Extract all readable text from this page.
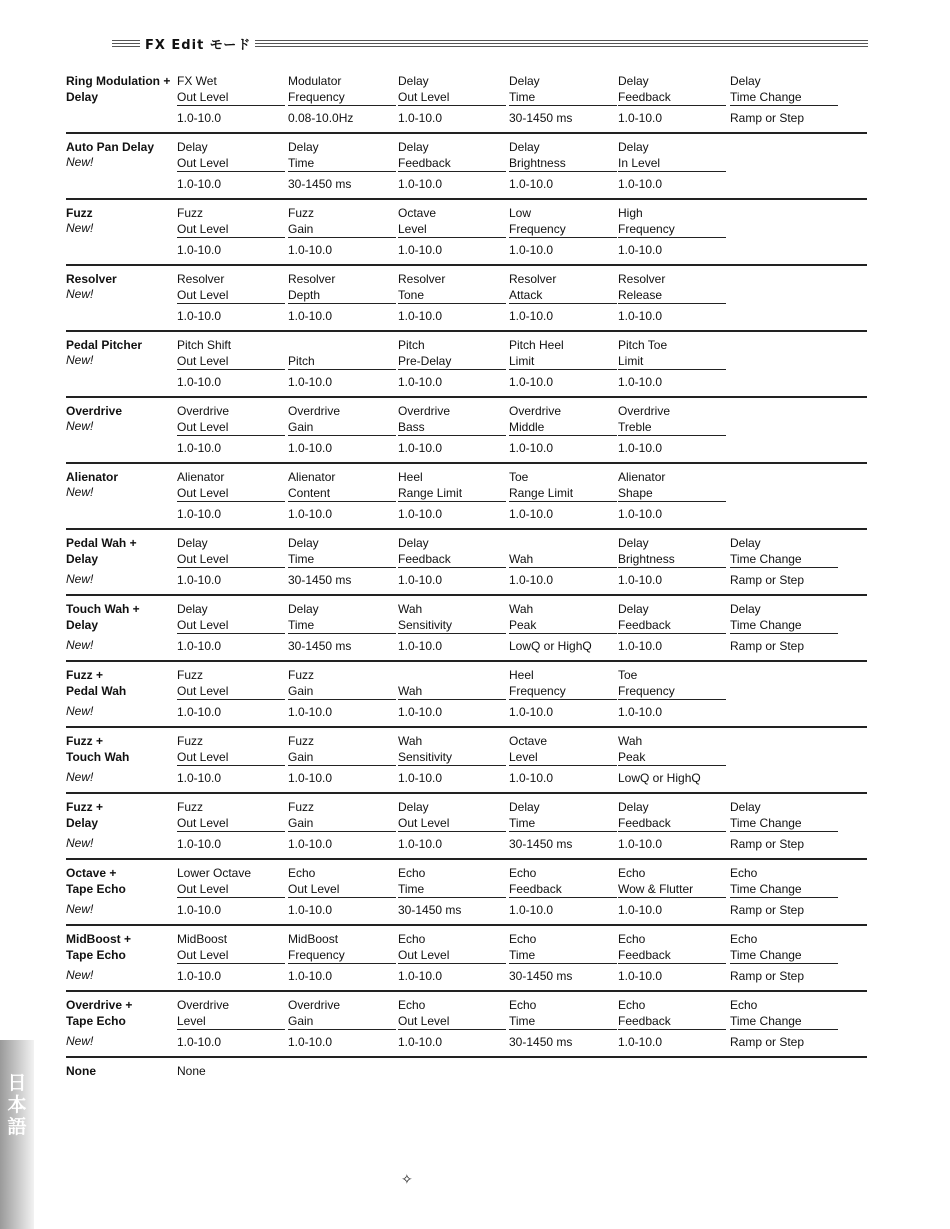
FX Edit モード
Ring Modulation +
Delay
FX Wet
Out Level
1.0-10.0
Modulator
Frequency
0.08-10.0Hz
Delay
Out Level
1.0-10.0
Delay
Time
30-1450 ms
Delay
Feedback
1.0-10.0
Delay
Time Change
Ramp or Step
Auto Pan Delay
New!
Delay
Out Level
1.0-10.0
Delay
Time
30-1450 ms
Delay
Feedback
1.0-10.0
Delay
Brightness
1.0-10.0
Delay
In Level
1.0-10.0
Fuzz
New!
Fuzz
Out Level
1.0-10.0
Fuzz
Gain
1.0-10.0
Octave
Level
1.0-10.0
Low
Frequency
1.0-10.0
High
Frequency
1.0-10.0
Resolver
New!
Resolver
Out Level
1.0-10.0
Resolver
Depth
1.0-10.0
Resolver
Tone
1.0-10.0
Resolver
Attack
1.0-10.0
Resolver
Release
1.0-10.0
Pedal Pitcher
New!
Pitch Shift
Out Level
1.0-10.0
Pitch
1.0-10.0
Pitch
Pre-Delay
1.0-10.0
Pitch Heel
Limit
1.0-10.0
Pitch Toe
Limit
1.0-10.0
Overdrive
New!
Overdrive
Out Level
1.0-10.0
Overdrive
Gain
1.0-10.0
Overdrive
Bass
1.0-10.0
Overdrive
Middle
1.0-10.0
Overdrive
Treble
1.0-10.0
Alienator
New!
Alienator
Out Level
1.0-10.0
Alienator
Content
1.0-10.0
Heel
Range Limit
1.0-10.0
Toe
Range Limit
1.0-10.0
Alienator
Shape
1.0-10.0
Pedal Wah +
Delay
New!
Delay
Out Level
1.0-10.0
Delay
Time
30-1450 ms
Delay
Feedback
1.0-10.0
Wah
1.0-10.0
Delay
Brightness
1.0-10.0
Delay
Time Change
Ramp or Step
Touch Wah +
Delay
New!
Delay
Out Level
1.0-10.0
Delay
Time
30-1450 ms
Wah
Sensitivity
1.0-10.0
Wah
Peak
LowQ or HighQ
Delay
Feedback
1.0-10.0
Delay
Time Change
Ramp or Step
Fuzz +
Pedal Wah
New!
Fuzz
Out Level
1.0-10.0
Fuzz
Gain
1.0-10.0
Wah
1.0-10.0
Heel
Frequency
1.0-10.0
Toe
Frequency
1.0-10.0
Fuzz +
Touch Wah
New!
Fuzz
Out Level
1.0-10.0
Fuzz
Gain
1.0-10.0
Wah
Sensitivity
1.0-10.0
Octave
Level
1.0-10.0
Wah
Peak
LowQ or HighQ
Fuzz +
Delay
New!
Fuzz
Out Level
1.0-10.0
Fuzz
Gain
1.0-10.0
Delay
Out Level
1.0-10.0
Delay
Time
30-1450 ms
Delay
Feedback
1.0-10.0
Delay
Time Change
Ramp or Step
Octave +
Tape Echo
New!
Lower Octave
Out Level
1.0-10.0
Echo
Out Level
1.0-10.0
Echo
Time
30-1450 ms
Echo
Feedback
1.0-10.0
Echo
Wow & Flutter
1.0-10.0
Echo
Time Change
Ramp or Step
MidBoost +
Tape Echo
New!
MidBoost
Out Level
1.0-10.0
MidBoost
Frequency
1.0-10.0
Echo
Out Level
1.0-10.0
Echo
Time
30-1450 ms
Echo
Feedback
1.0-10.0
Echo
Time Change
Ramp or Step
Overdrive +
Tape Echo
New!
Overdrive
Level
1.0-10.0
Overdrive
Gain
1.0-10.0
Echo
Out Level
1.0-10.0
Echo
Time
30-1450 ms
Echo
Feedback
1.0-10.0
Echo
Time Change
Ramp or Step
None	None
日本語
✧
